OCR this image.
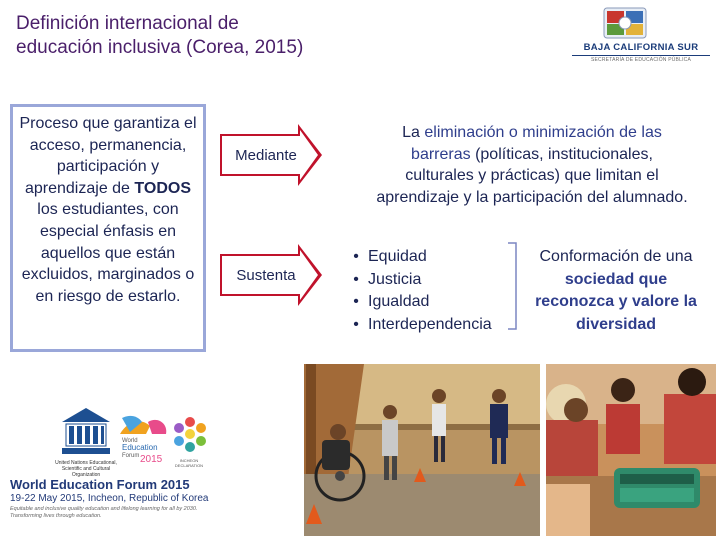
Definición internacional de
educación inclusiva (Corea, 2015)	BAJA CALIFORNIA SUR
SECRETARÍA DE EDUCACIÓN PÚBLICA
Proceso que garantiza el acceso, permanencia, participación y aprendizaje de TODOS los estudiantes, con especial énfasis en aquellos que están excluidos, marginados o en riesgo de estarlo.
Mediante
Sustenta
La eliminación o minimización de las
barreras (políticas, institucionales,
culturales y prácticas) que limitan el
aprendizaje y la participación del alumnado.
• Equidad
• Justicia
• Igualdad
• Interdependencia
Conformación de una
sociedad que
reconozca y valore la
diversidad
United Nations Educational, Scientific and Cultural Organization
World
Education
Forum 2015	INCHEON DECLARATION
World Education Forum 2015
19-22 May 2015, Incheon, Republic of Korea
Equitable and inclusive quality education and lifelong learning for all by 2030.
Transforming lives through education.
